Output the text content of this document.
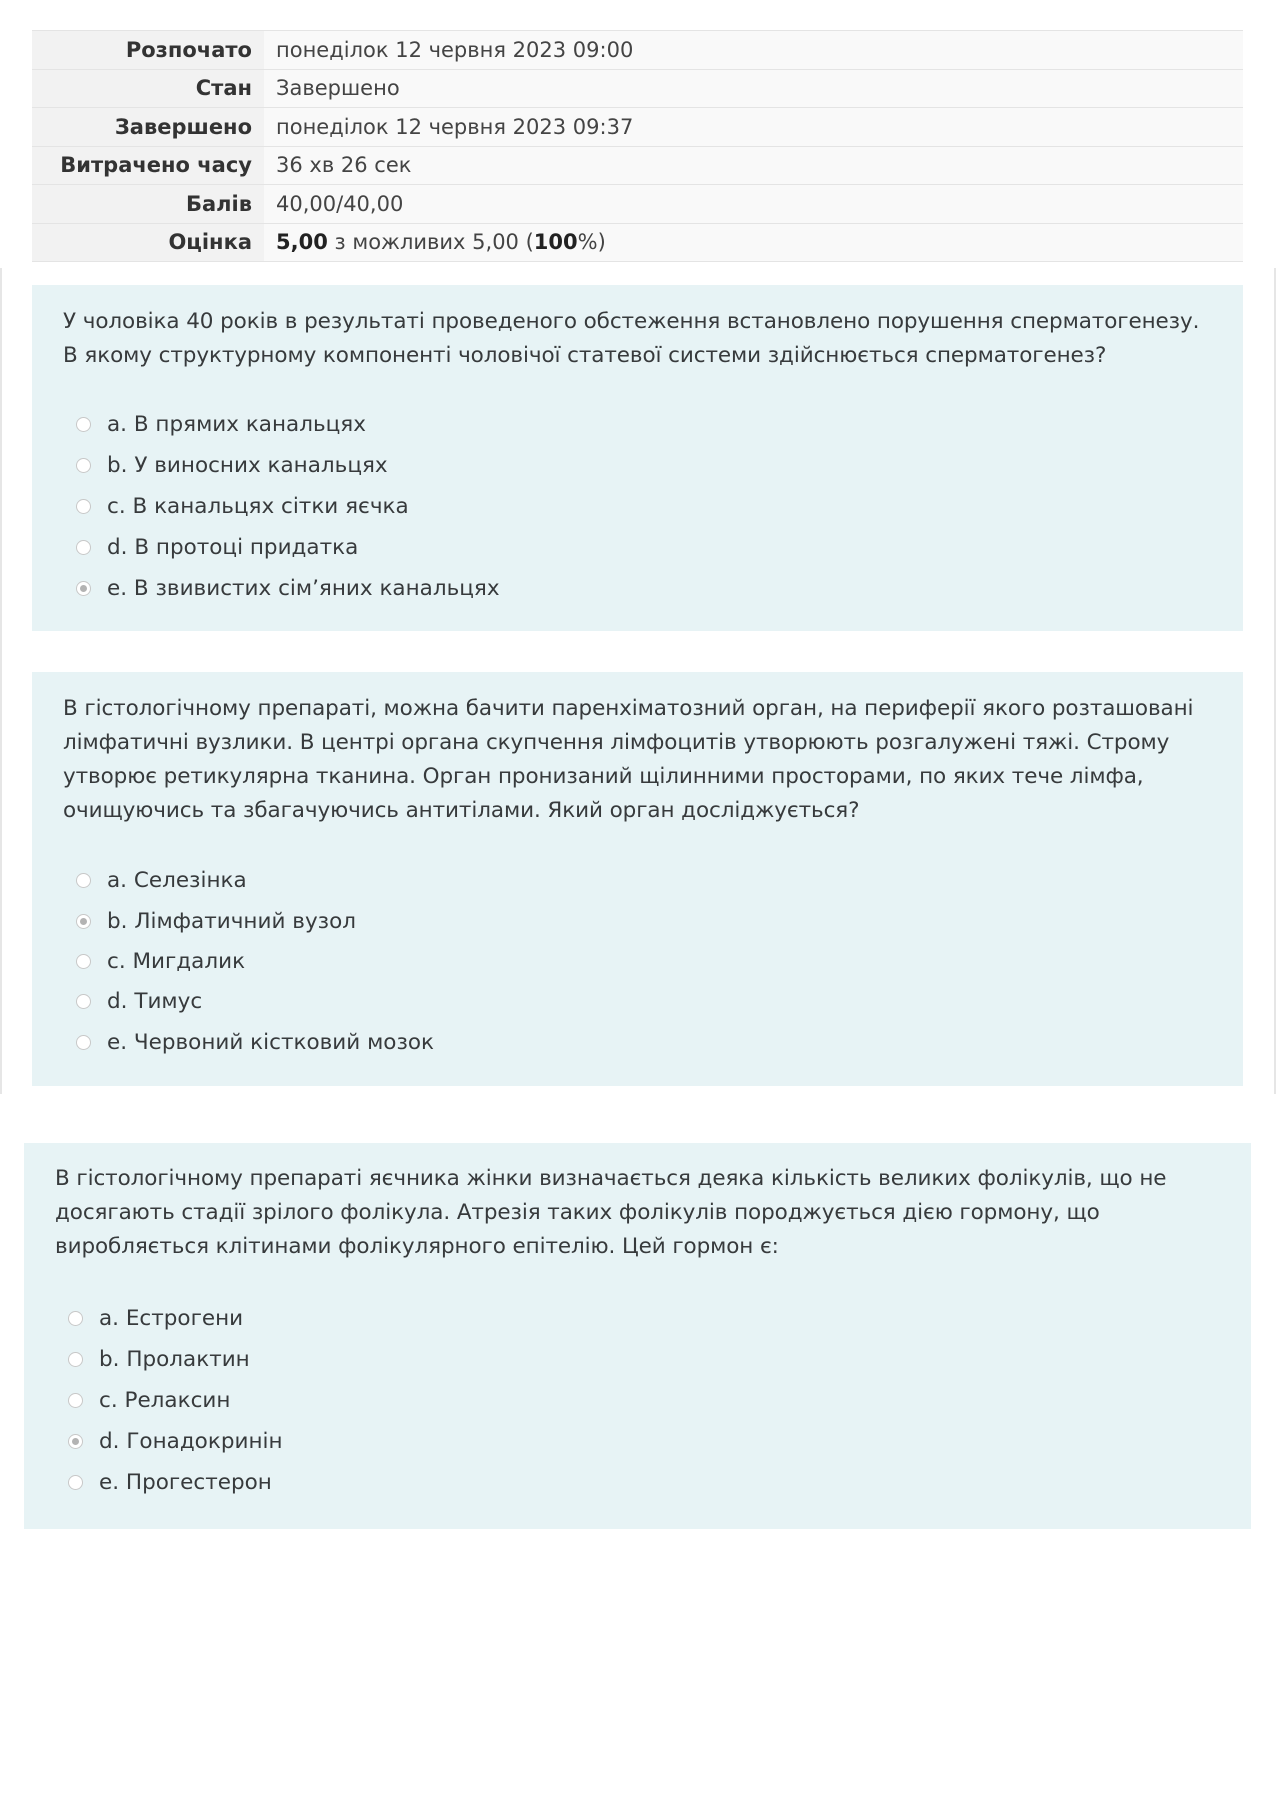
Розпочато	понеділок 12 червня 2023 09:00
Стан	Завершено
Завершено	понеділок 12 червня 2023 09:37
Витрачено часу	36 хв 26 сек
Балів	40,00/40,00
Оцінка	5,00 з можливих 5,00 (100%)
У чоловіка 40 років в результаті проведеного обстеження встановлено порушення сперматогенезу. В якому структурному компоненті чоловічої статевої системи здійснюється сперматогенез?
a. В прямих канальцях
b. У виносних канальцях
c. В канальцях сітки яєчка
d. В протоці придатка
e. В звивистих сім’яних канальцях
В гістологічному препараті, можна бачити паренхіматозний орган, на периферії якого розташовані лімфатичні вузлики. В центрі органа скупчення лімфоцитів утворюють розгалужені тяжі. Строму утворює ретикулярна тканина. Орган пронизаний щілинними просторами, по яких тече лімфа, очищуючись та збагачуючись антитілами. Який орган досліджується?
a. Селезінка
b. Лімфатичний вузол
c. Мигдалик
d. Тимус
e. Червоний кістковий мозок
В гістологічному препараті яєчника жінки визначається деяка кількість великих фолікулів, що не досягають стадії зрілого фолікула. Атрезія таких фолікулів породжується дією гормону, що виробляється клітинами фолікулярного епітелію. Цей гормон є:
a. Естрогени
b. Пролактин
c. Релаксин
d. Гонадокринін
e. Прогестерон
